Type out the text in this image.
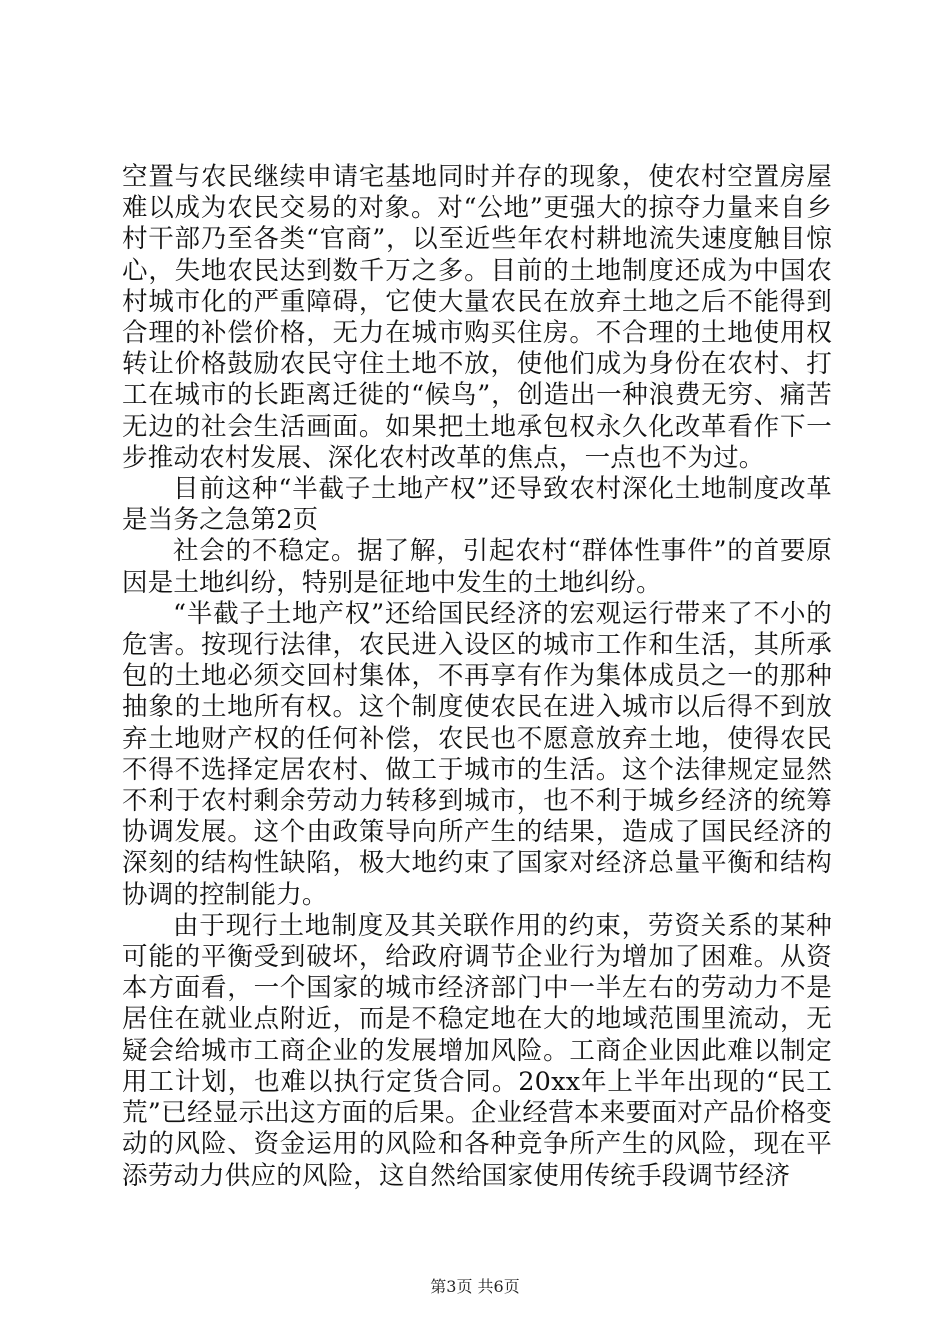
空置与农民继续申请宅基地同时并存的现象，使农村空置房屋难以成为农民交易的对象。对“公地”更强大的掠夺力量来自乡村干部乃至各类“官商”，以至近些年农村耕地流失速度触目惊心，失地农民达到数千万之多。目前的土地制度还成为中国农村城市化的严重障碍，它使大量农民在放弃土地之后不能得到合理的补偿价格，无力在城市购买住房。不合理的土地使用权转让价格鼓励农民守住土地不放，使他们成为身份在农村、打工在城市的长距离迁徙的“候鸟”，创造出一种浪费无穷、痛苦无边的社会生活画面。如果把土地承包权永久化改革看作下一步推动农村发展、深化农村改革的焦点，一点也不为过。

目前这种“半截子土地产权”还导致农村深化土地制度改革是当务之急第2页

社会的不稳定。据了解，引起农村“群体性事件”的首要原因是土地纠纷，特别是征地中发生的土地纠纷。

“半截子土地产权”还给国民经济的宏观运行带来了不小的危害。按现行法律，农民进入设区的城市工作和生活，其所承包的土地必须交回村集体，不再享有作为集体成员之一的那种抽象的土地所有权。这个制度使农民在进入城市以后得不到放弃土地财产权的任何补偿，农民也不愿意放弃土地，使得农民不得不选择定居农村、做工于城市的生活。这个法律规定显然不利于农村剩余劳动力转移到城市，也不利于城乡经济的统筹协调发展。这个由政策导向所产生的结果，造成了国民经济的深刻的结构性缺陷，极大地约束了国家对经济总量平衡和结构协调的控制能力。

由于现行土地制度及其关联作用的约束，劳资关系的某种可能的平衡受到破坏，给政府调节企业行为增加了困难。从资本方面看，一个国家的城市经济部门中一半左右的劳动力不是居住在就业点附近，而是不稳定地在大的地域范围里流动，无疑会给城市工商企业的发展增加风险。工商企业因此难以制定用工计划，也难以执行定货合同。20xx年上半年出现的“民工荒”已经显示出这方面的后果。企业经营本来要面对产品价格变动的风险、资金运用的风险和各种竞争所产生的风险，现在平添劳动力供应的风险，这自然给国家使用传统手段调节经济

第3页 共6页
